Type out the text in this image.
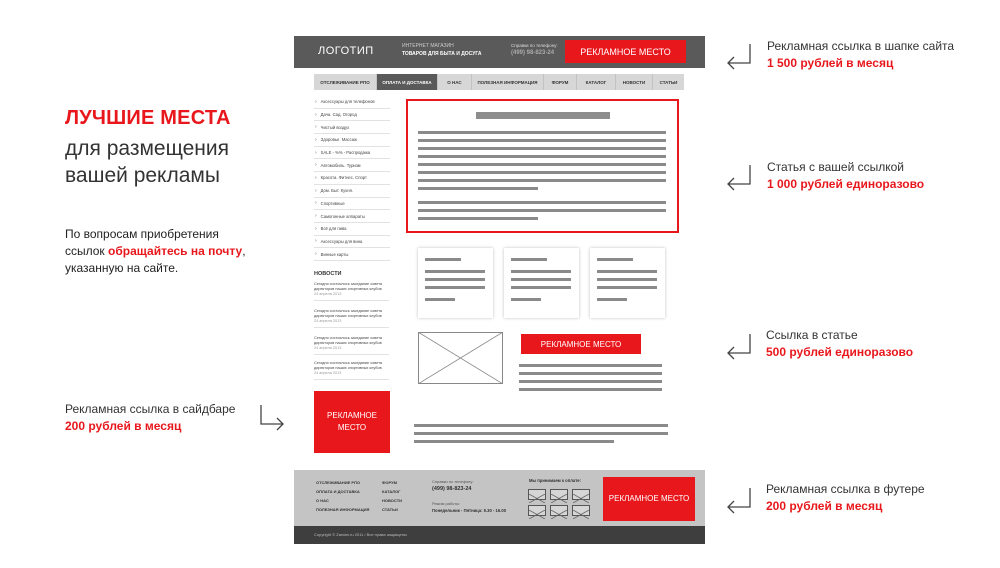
ЛУЧШИЕ МЕСТА
для размещения
вашей рекламы
По вопросам приобретения ссылок обращайтесь на почту, указанную на сайте.
Рекламная ссылка в сайдбаре
200 рублей в месяц
Рекламная ссылка в шапке сайта
1 500 рублей в месяц
Статья с вашей ссылкой
1 000 рублей единоразово
Ссылка в статье
500 рублей единоразово
Рекламная ссылка в футере
200 рублей в месяц
ЛОГОТИП	ИНТЕРНЕТ МАГАЗИН
ТОВАРОВ ДЛЯ БЫТА И ДОСУГА
Справки по телефону:
(499) 98-823-24	РЕКЛАМНОЕ МЕСТО
ОТСЛЕЖИВАНИЕ РПО	ОПЛАТА И ДОСТАВКА	О НАС	ПОЛЕЗНАЯ ИНФОРМАЦИЯ	ФОРУМ	КАТАЛОГ	НОВОСТИ	СТАТЬИ
› Аксессуары для телефонов
› Дача. Сад. Огород
› Чистый воздух
› Здоровье. Массаж
› SALE - %% - Распродажа
› Автомобиль. Туризм
› Красота. Фитнес. Спорт
› Дом. Быт. Кухня.
› Спортивные
› Самогонные аппараты
› Всё для пива
› Аксессуары для вина
› Винные карты
НОВОСТИ
Сегодня состоялось заседание совета директоров наших спортивных клубов
24 апреля 2013
Сегодня состоялось заседание совета директоров наших спортивных клубов
24 апреля 2013
Сегодня состоялось заседание совета директоров наших спортивных клубов
24 апреля 2013
Сегодня состоялось заседание совета директоров наших спортивных клубов
24 апреля 2013
РЕКЛАМНОЕ МЕСТО
РЕКЛАМНОЕ МЕСТО
ОТСЛЕЖИВАНИЕ РПО
ОПЛАТА И ДОСТАВКА
О НАС
ПОЛЕЗНАЯ ИНФОРМАЦИЯ
ФОРУМ
КАТАЛОГ
НОВОСТИ
СТАТЬИ
Справки по телефону:
(499) 98-823-24
Режим работы:
Понедельник - Пятница: 9.30 - 16.00
Мы принимаем к оплате:
РЕКЛАМНОЕ МЕСТО
Copyright © Zardan.ru 2011 / Все права защищены
